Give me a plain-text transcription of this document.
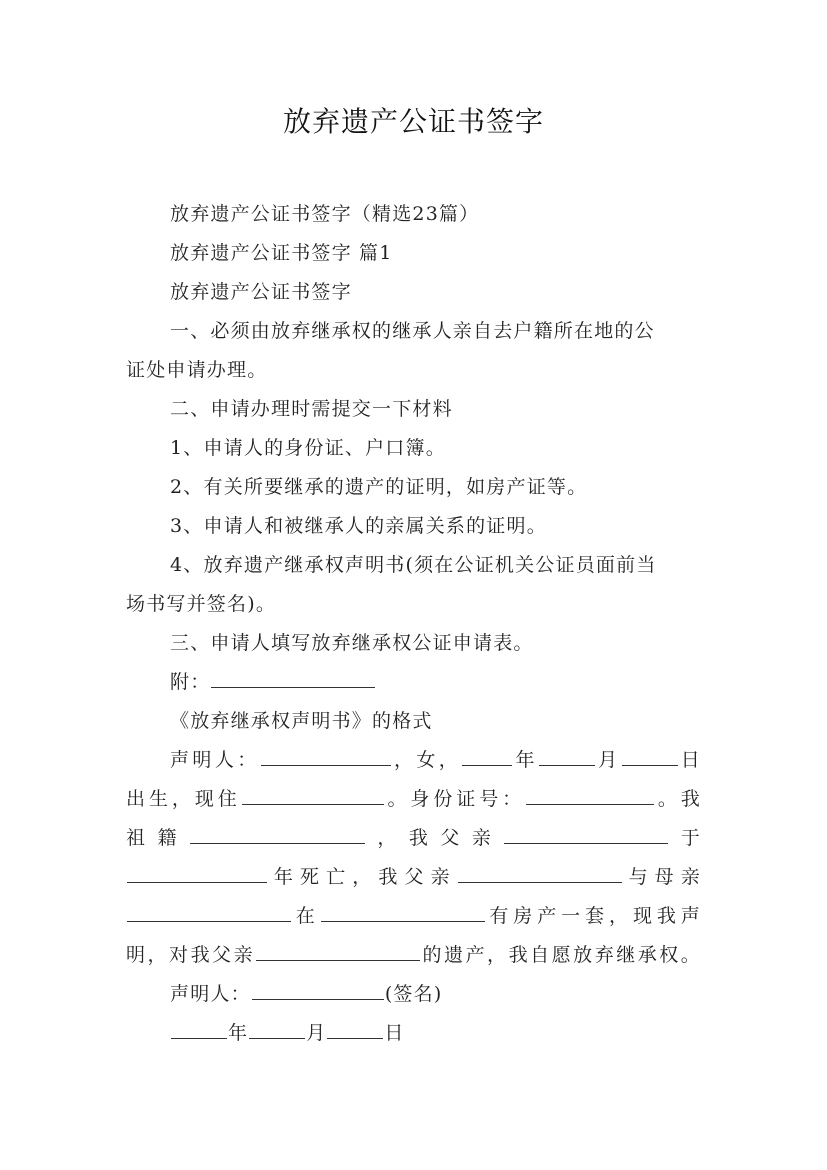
放弃遗产公证书签字
放弃遗产公证书签字（精选23篇）
放弃遗产公证书签字 篇1
放弃遗产公证书签字
一、必须由放弃继承权的继承人亲自去户籍所在地的公
证处申请办理。
二、申请办理时需提交一下材料
1、申请人的身份证、户口簿。
2、有关所要继承的遗产的证明，如房产证等。
3、申请人和被继承人的亲属关系的证明。
4、放弃遗产继承权声明书(须在公证机关公证员面前当
场书写并签名)。
三、申请人填写放弃继承权公证申请表。
附：
《放弃继承权声明书》的格式
声明人：	，女，	年	月	日
出生，现住	。身份证号：	。我
祖籍	，我父亲	于
年死亡，我父亲	与母亲
在	有房产一套，现我声
明，对我父亲	的遗产，我自愿放弃继承权。
声明人：	(签名)
年	月	日
